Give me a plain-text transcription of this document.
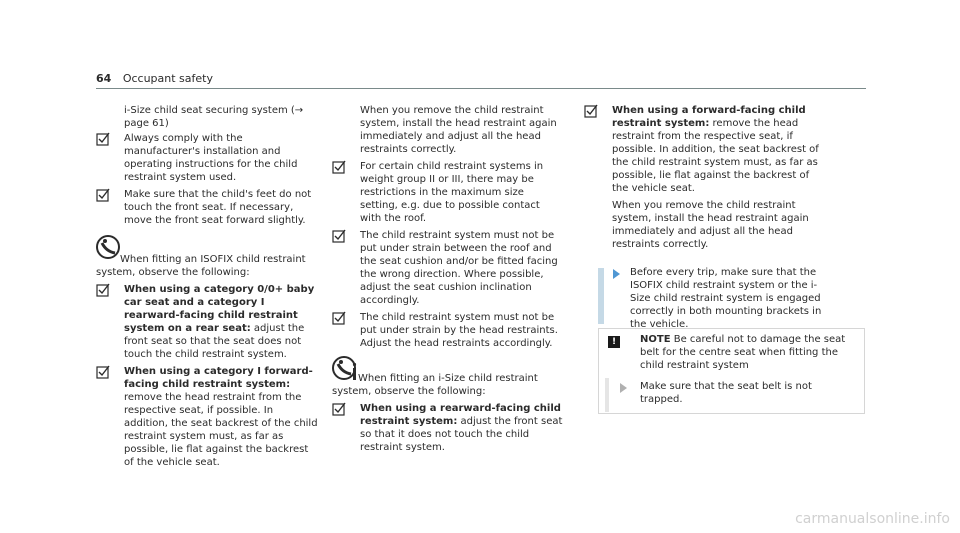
64 Occupant safety

i-Size child seat securing system (→ page 61)

Always comply with the manufacturer's installation and operating instructions for the child restraint system used.

Make sure that the child's feet do not touch the front seat. If necessary, move the front seat forward slightly.

When fitting an ISOFIX child restraint system, observe the following:

When using a category 0/0+ baby car seat and a category I rearward-facing child restraint system on a rear seat: adjust the front seat so that the seat does not touch the child restraint system.

When using a category I forward-facing child restraint system: remove the head restraint from the respective seat, if possible. In addition, the seat backrest of the child restraint system must, as far as possible, lie flat against the backrest of the vehicle seat.

When you remove the child restraint system, install the head restraint again immediately and adjust all the head restraints correctly.

For certain child restraint systems in weight group II or III, there may be restrictions in the maximum size setting, e.g. due to possible contact with the roof.

The child restraint system must not be put under strain between the roof and the seat cushion and/or be fitted facing the wrong direction. Where possible, adjust the seat cushion inclination accordingly.

The child restraint system must not be put under strain by the head restraints. Adjust the head restraints accordingly.

When fitting an i-Size child restraint system, observe the following:

When using a rearward-facing child restraint system: adjust the front seat so that it does not touch the child restraint system.

When using a forward-facing child restraint system: remove the head restraint from the respective seat, if possible. In addition, the seat backrest of the child restraint system must, as far as possible, lie flat against the backrest of the vehicle seat.

When you remove the child restraint system, install the head restraint again immediately and adjust all the head restraints correctly.

Before every trip, make sure that the ISOFIX child restraint system or the i-Size child restraint system is engaged correctly in both mounting brackets in the vehicle.

!	NOTE Be careful not to damage the seat belt for the centre seat when fitting the child restraint system

Make sure that the seat belt is not trapped.

carmanualsonline.info
